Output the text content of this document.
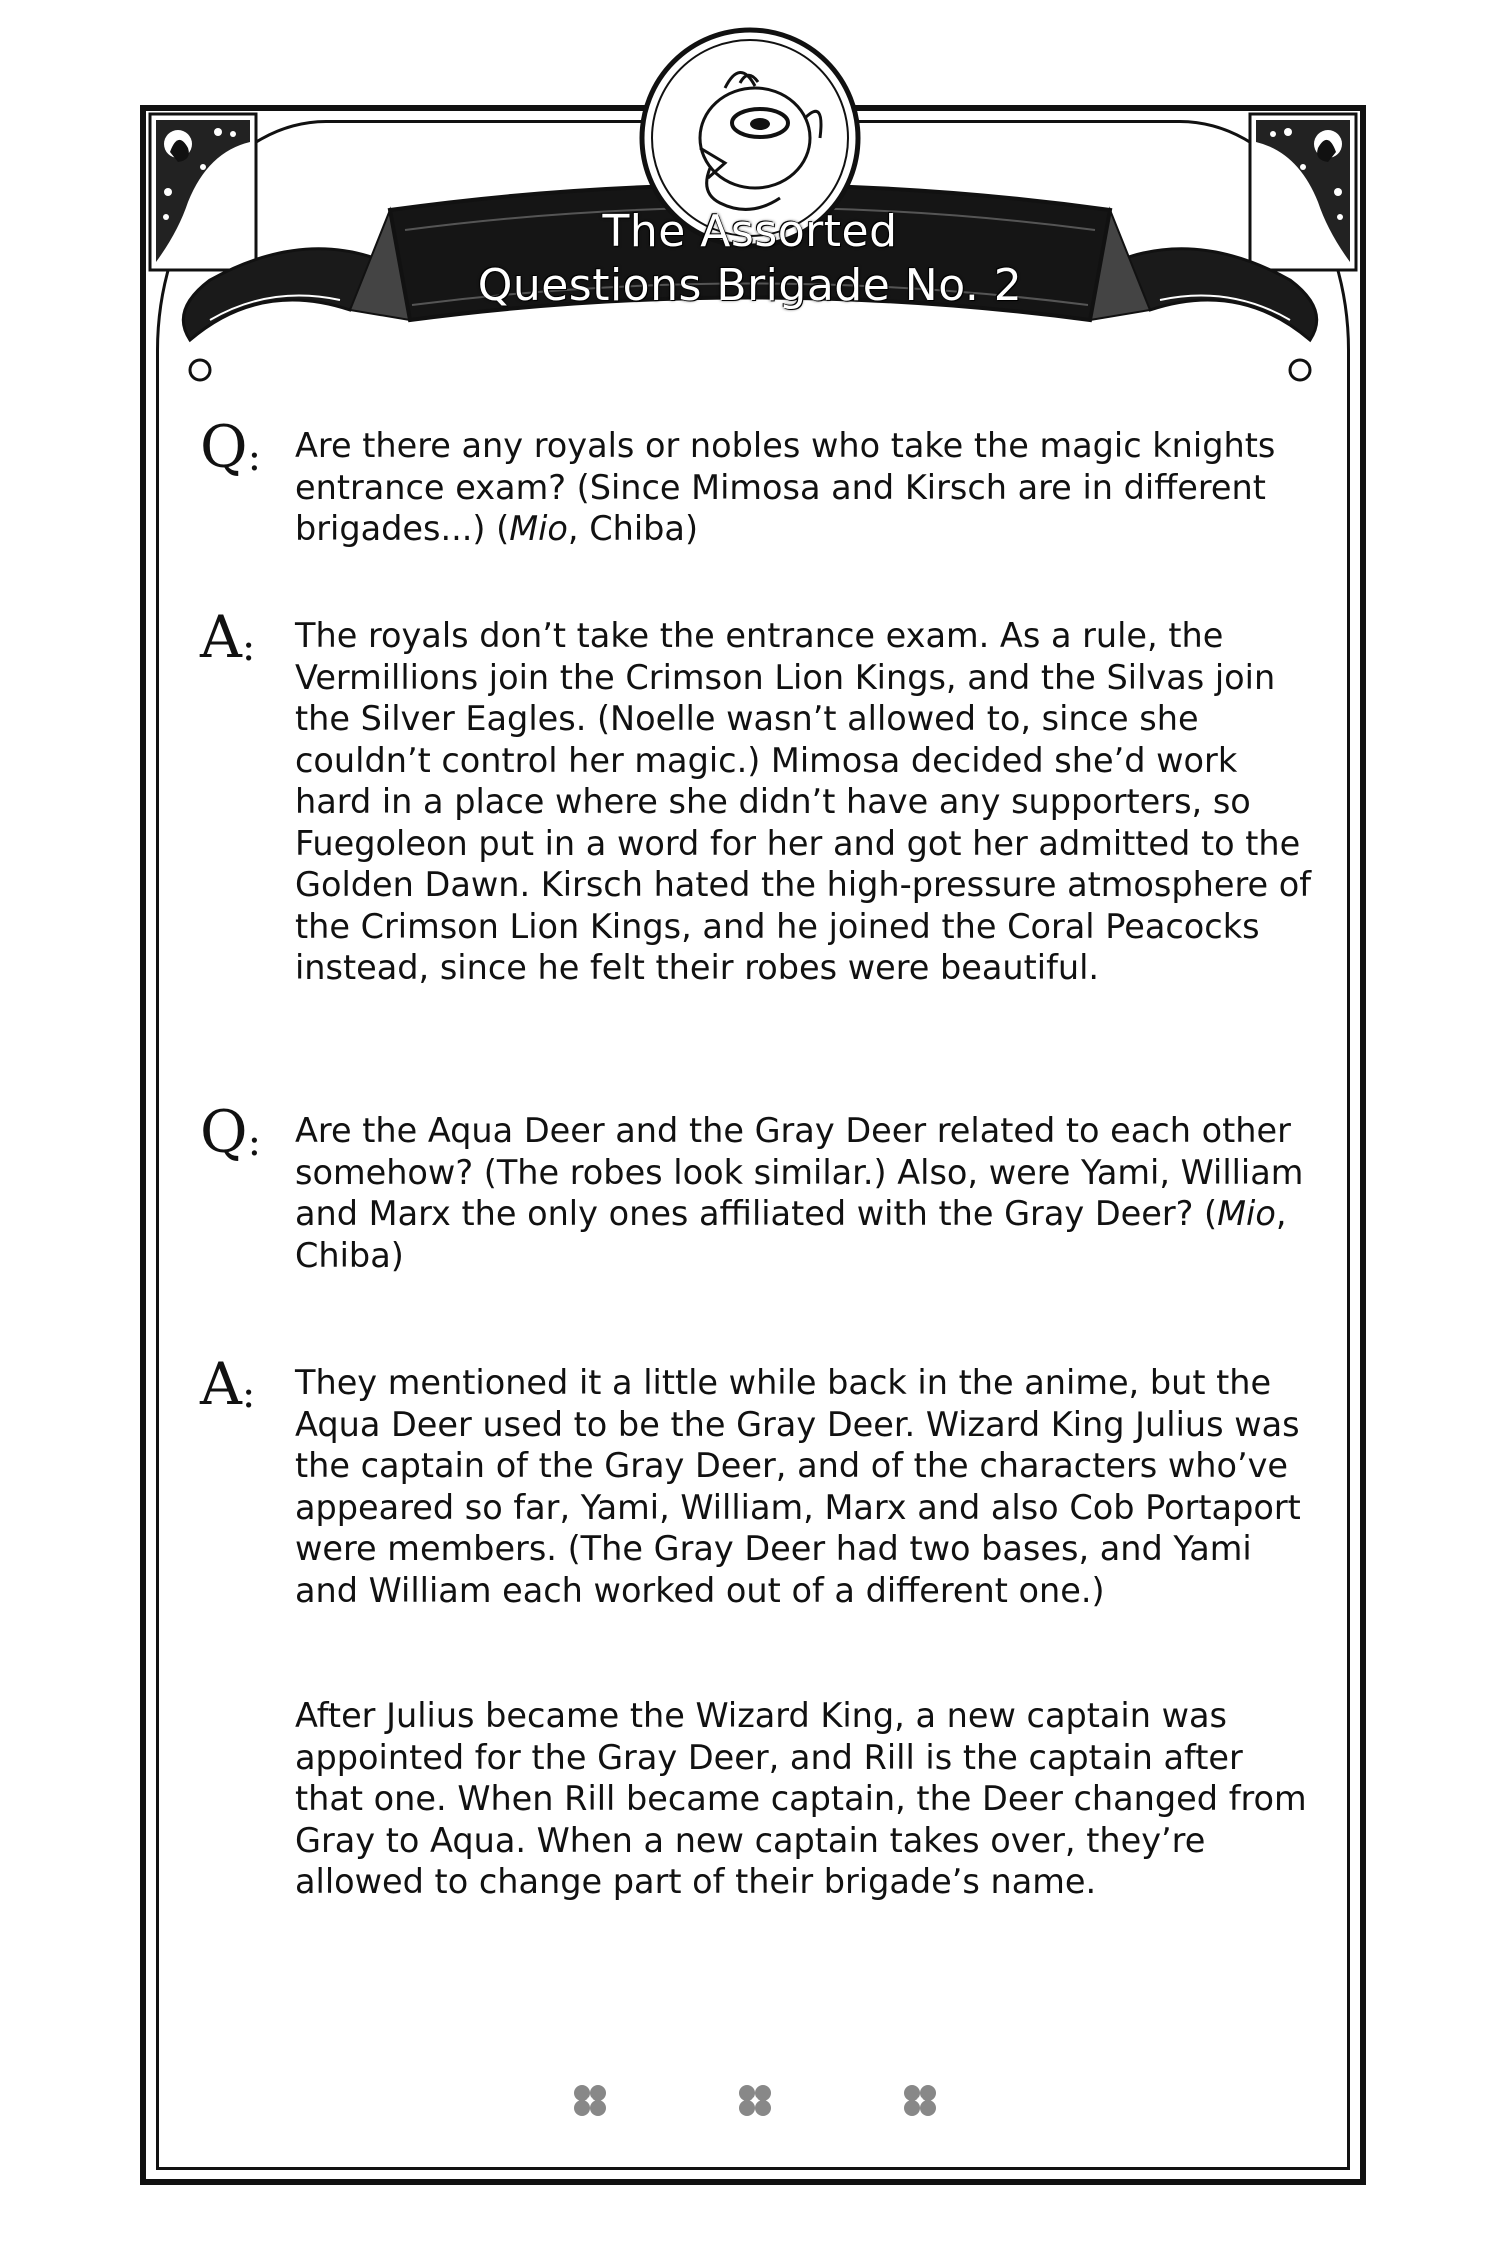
The Assorted
Questions Brigade No. 2
Q: Are there any royals or nobles who take the magic knights entrance exam? (Since Mimosa and Kirsch are in different brigades...) (Mio, Chiba)
A: The royals don’t take the entrance exam. As a rule, the Vermillions join the Crimson Lion Kings, and the Silvas join the Silver Eagles. (Noelle wasn’t allowed to, since she couldn’t control her magic.) Mimosa decided she’d work hard in a place where she didn’t have any supporters, so Fuegoleon put in a word for her and got her admitted to the Golden Dawn. Kirsch hated the high-pressure atmosphere of the Crimson Lion Kings, and he joined the Coral Peacocks instead, since he felt their robes were beautiful.
Q: Are the Aqua Deer and the Gray Deer related to each other somehow? (The robes look similar.) Also, were Yami, William and Marx the only ones affiliated with the Gray Deer? (Mio, Chiba)
A: They mentioned it a little while back in the anime, but the Aqua Deer used to be the Gray Deer. Wizard King Julius was the captain of the Gray Deer, and of the characters who’ve appeared so far, Yami, William, Marx and also Cob Portaport were members. (The Gray Deer had two bases, and Yami and William each worked out of a different one.)
After Julius became the Wizard King, a new captain was appointed for the Gray Deer, and Rill is the captain after that one. When Rill became captain, the Deer changed from Gray to Aqua. When a new captain takes over, they’re allowed to change part of their brigade’s name.
